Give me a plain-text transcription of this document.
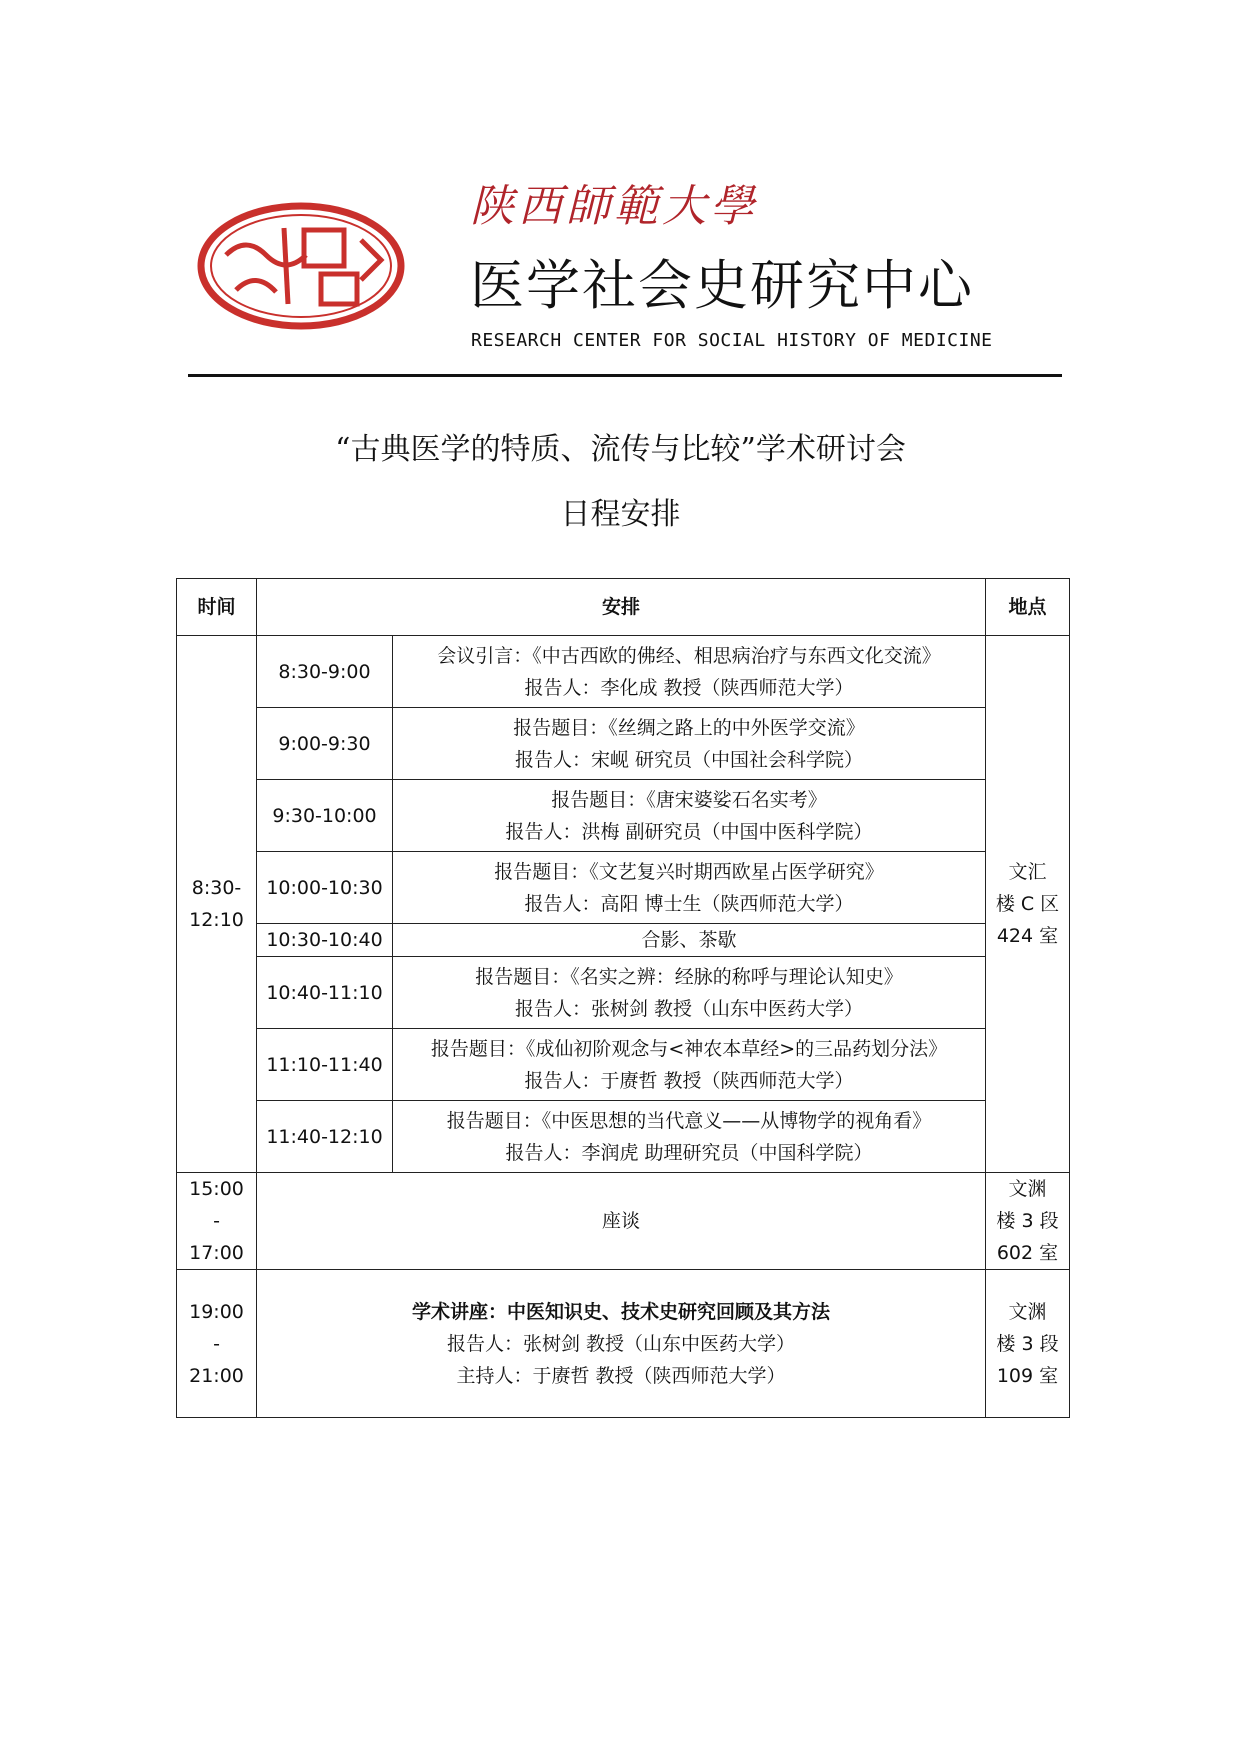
陕西師範大學
医学社会史研究中心
RESEARCH CENTER FOR SOCIAL HISTORY OF MEDICINE
“古典医学的特质、流传与比较”学术研讨会
日程安排
时间	安排		地点

8:30-
12:10	8:30-9:00	会议引言：《中古西欧的佛经、相思病治疗与东西文化交流》
报告人：李化成 教授（陕西师范大学）	文汇
楼 C 区
424 室

	9:00-9:30	报告题目：《丝绸之路上的中外医学交流》
报告人：宋岘 研究员（中国社会科学院）	

	9:30-10:00	报告题目：《唐宋婆娑石名实考》
报告人：洪梅 副研究员（中国中医科学院）	

	10:00-10:30	报告题目：《文艺复兴时期西欧星占医学研究》
报告人：高阳 博士生（陕西师范大学）	

	10:30-10:40	合影、茶歇	

	10:40-11:10	报告题目：《名实之辨：经脉的称呼与理论认知史》
报告人：张树剑 教授（山东中医药大学）	

	11:10-11:40	报告题目：《成仙初阶观念与<神农本草经>的三品药划分法》
报告人：于赓哲 教授（陕西师范大学）	

	11:40-12:10	报告题目：《中医思想的当代意义——从博物学的视角看》
报告人：李润虎 助理研究员（中国科学院）	

15:00
-
17:00	座谈		文渊
楼 3 段
602 室

19:00
-
21:00	学术讲座：中医知识史、技术史研究回顾及其方法
报告人：张树剑 教授（山东中医药大学）
主持人：于赓哲 教授（陕西师范大学）		文渊
楼 3 段
109 室
